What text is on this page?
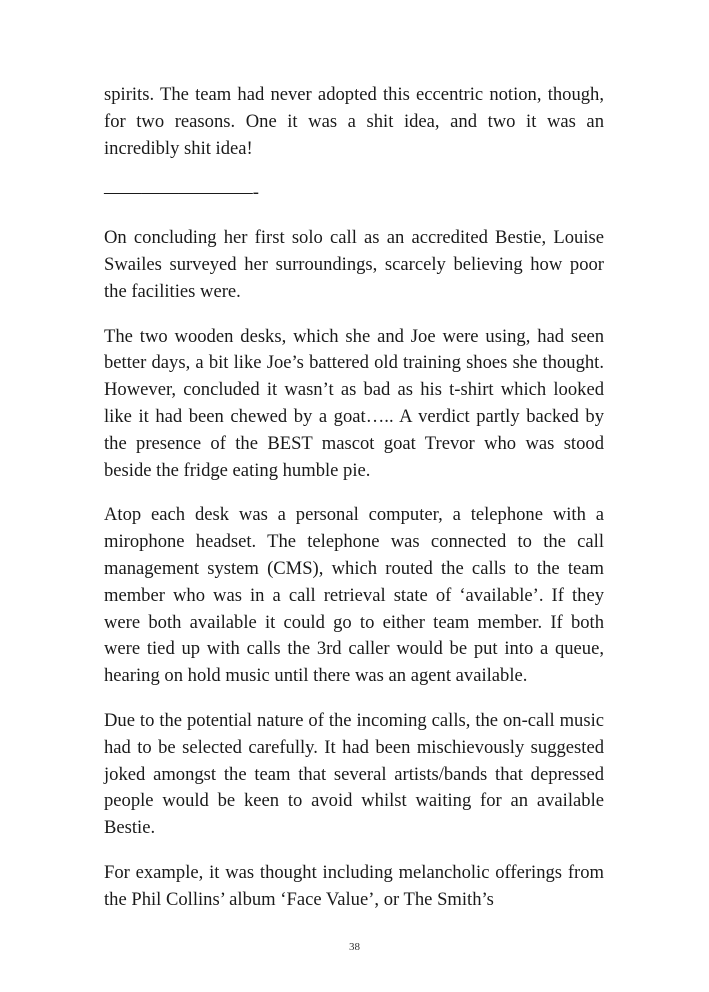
spirits. The team had never adopted this eccentric notion, though, for two reasons. One it was a shit idea, and two it was an incredibly shit idea!

————————-

On concluding her first solo call as an accredited Bestie, Louise Swailes surveyed her surroundings, scarcely believing how poor the facilities were.

The two wooden desks, which she and Joe were using, had seen better days, a bit like Joe’s battered old training shoes she thought. However, concluded it wasn’t as bad as his t-shirt which looked like it had been chewed by a goat….. A verdict partly backed by the presence of the BEST mascot goat Trevor who was stood beside the fridge eating humble pie.

Atop each desk was a personal computer, a telephone with a mirophone headset. The telephone was connected to the call management system (CMS), which routed the calls to the team member who was in a call retrieval state of ‘available’. If they were both available it could go to either team member. If both were tied up with calls the 3rd caller would be put into a queue, hearing on hold music until there was an agent available.

Due to the potential nature of the incoming calls, the on-call music had to be selected carefully. It had been mischievously suggested joked amongst the team that several artists/bands that depressed people would be keen to avoid whilst waiting for an available Bestie.

For example, it was thought including melancholic offerings from the Phil Collins’ album ‘Face Value’, or The Smith’s

38
